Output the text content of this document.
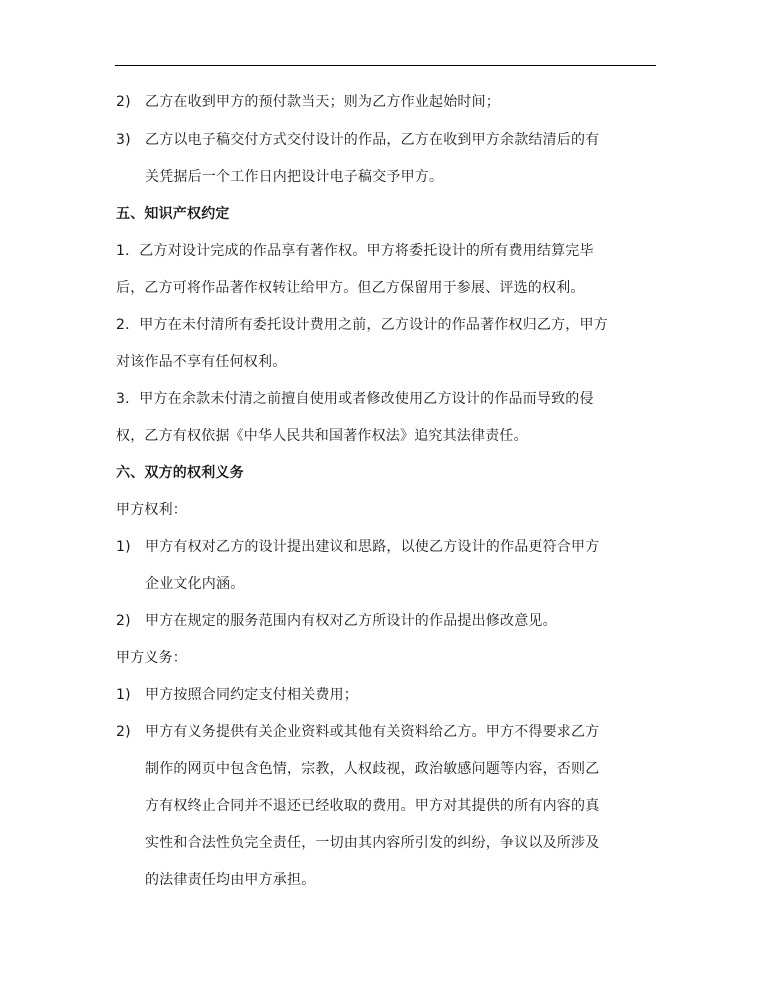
2) 乙方在收到甲方的预付款当天；则为乙方作业起始时间；
3) 乙方以电子稿交付方式交付设计的作品，乙方在收到甲方余款结清后的有
关凭据后一个工作日内把设计电子稿交予甲方。
五、知识产权约定
1．乙方对设计完成的作品享有著作权。甲方将委托设计的所有费用结算完毕
后，乙方可将作品著作权转让给甲方。但乙方保留用于参展、评选的权利。
2．甲方在未付清所有委托设计费用之前，乙方设计的作品著作权归乙方，甲方
对该作品不享有任何权利。
3．甲方在余款未付清之前擅自使用或者修改使用乙方设计的作品而导致的侵
权，乙方有权依据《中华人民共和国著作权法》追究其法律责任。
六、双方的权利义务
甲方权利：
1) 甲方有权对乙方的设计提出建议和思路，以使乙方设计的作品更符合甲方
企业文化内涵。
2) 甲方在规定的服务范围内有权对乙方所设计的作品提出修改意见。
甲方义务：
1) 甲方按照合同约定支付相关费用；
2) 甲方有义务提供有关企业资料或其他有关资料给乙方。甲方不得要求乙方
制作的网页中包含色情，宗教，人权歧视，政治敏感问题等内容，否则乙
方有权终止合同并不退还已经收取的费用。甲方对其提供的所有内容的真
实性和合法性负完全责任，一切由其内容所引发的纠纷，争议以及所涉及
的法律责任均由甲方承担。
